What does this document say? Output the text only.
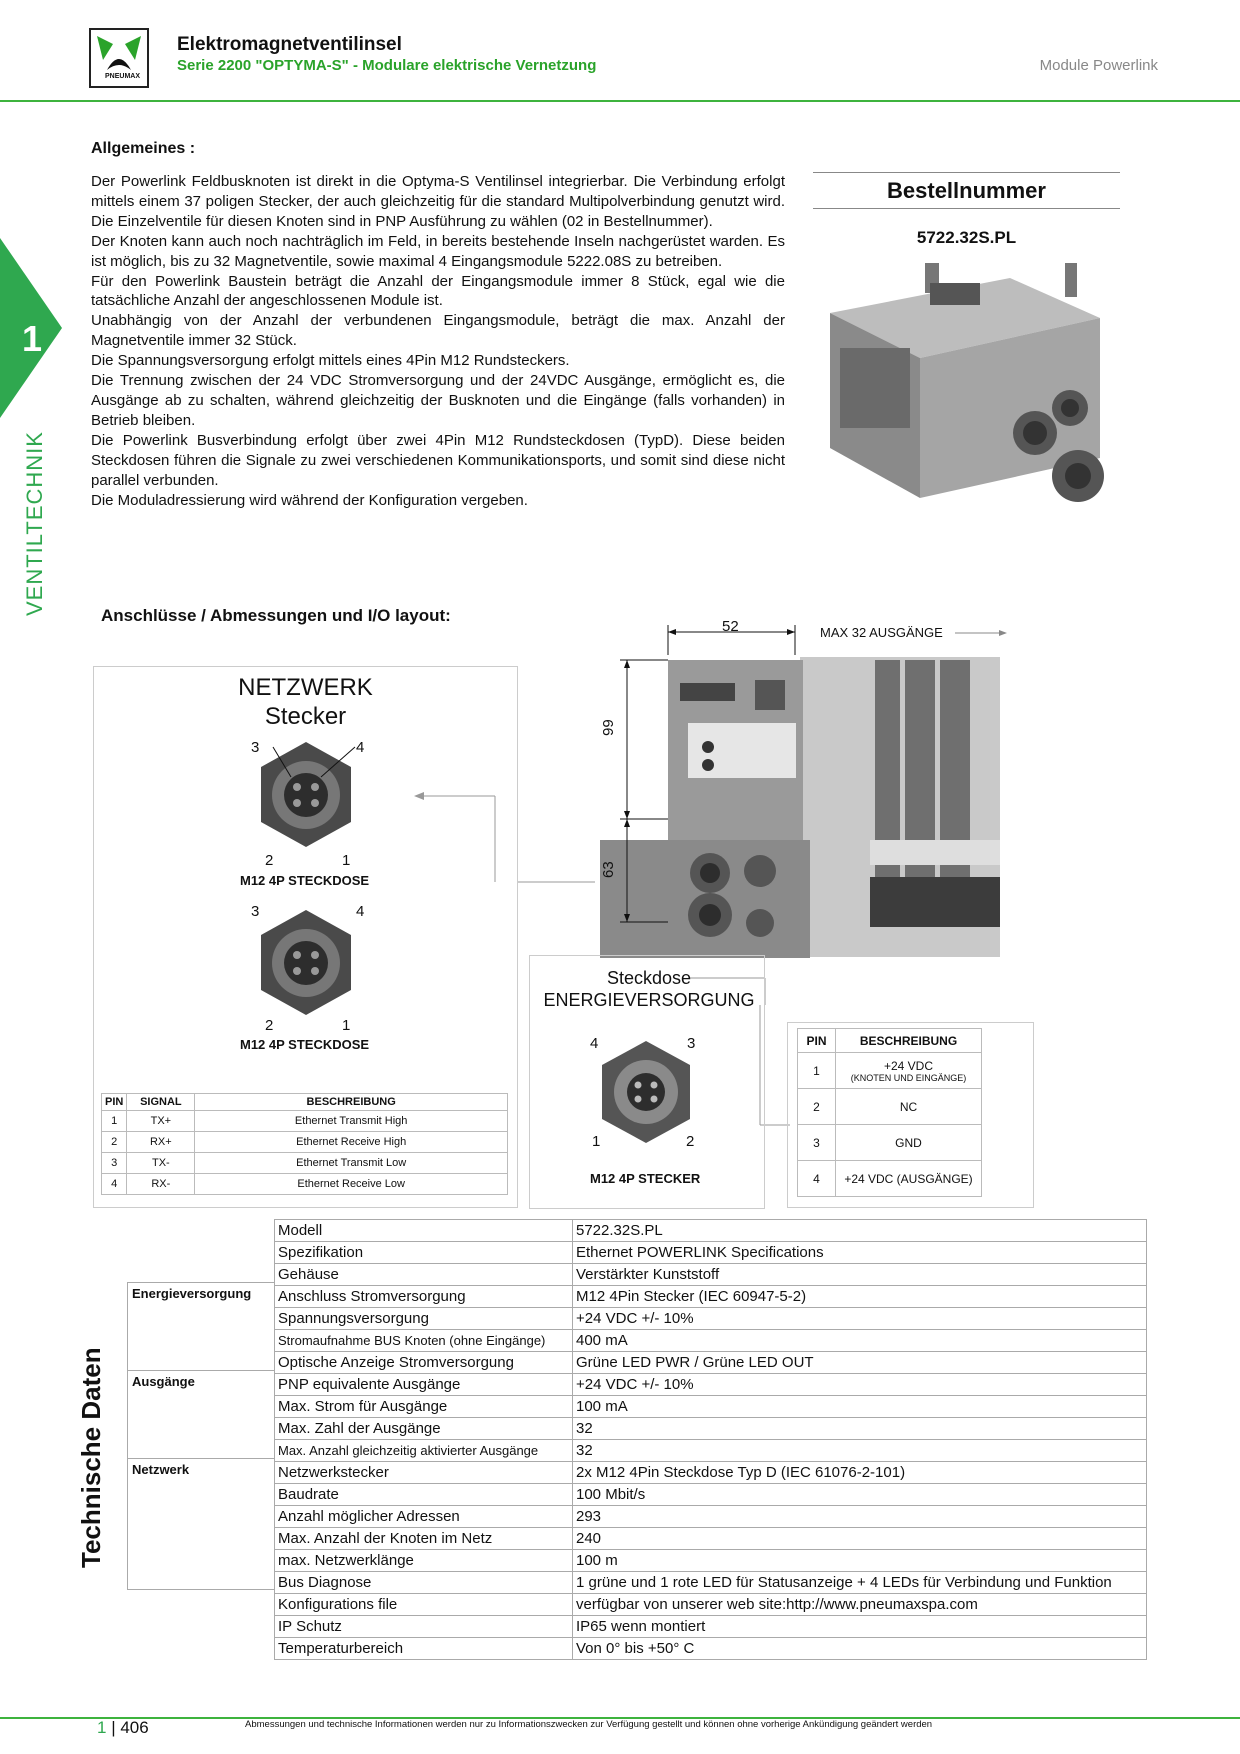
PNEUMAX
Elektromagnetventilinsel
Serie 2200 "OPTYMA-S" - Modulare elektrische Vernetzung	Module Powerlink
1
VENTILTECHNIK
Allgemeines :

Der Powerlink Feldbusknoten ist direkt in die Optyma-S Ventilinsel integrierbar. Die Verbindung erfolgt mittels einem 37 poligen Stecker, der auch gleichzeitig für die standard Multipolverbindung genutzt wird. Die Einzelventile für diesen Knoten sind in PNP Ausführung zu wählen (02 in Bestellnummer).

Der Knoten kann auch noch nachträglich im Feld, in bereits bestehende Inseln nachgerüstet warden. Es ist möglich, bis zu 32 Magnetventile, sowie maximal 4 Eingangsmodule 5222.08S zu betreiben.

Für den Powerlink Baustein beträgt die Anzahl der Eingangsmodule immer 8 Stück, egal wie die tatsächliche Anzahl der angeschlossenen Module ist.

Unabhängig von der Anzahl der verbundenen Eingangsmodule, beträgt die max. Anzahl der Magnetventile immer 32 Stück.

Die Spannungsversorgung erfolgt mittels eines 4Pin M12 Rundsteckers.

Die Trennung zwischen der 24 VDC Stromversorgung und der 24VDC Ausgänge, ermöglicht es, die Ausgänge ab zu schalten, während gleichzeitig der Busknoten und die Eingänge (falls vorhanden) in Betrieb bleiben.

Die Powerlink Busverbindung erfolgt über zwei 4Pin M12 Rundsteckdosen (TypD). Diese beiden Steckdosen führen die Signale zu zwei verschiedenen Kommunikationsports, und somit sind diese nicht parallel verbunden.

Die Moduladressierung wird während der Konfiguration vergeben.

Bestellnummer
5722.32S.PL
Anschlüsse / Abmessungen und I/O layout:
NETZWERK
Stecker
3	4
2	1
M12 4P STECKDOSE
3	4
2	1
M12 4P STECKDOSE
PIN	SIGNAL	BESCHREIBUNG
1	TX+	Ethernet Transmit High
2	RX+	Ethernet Receive High
3	TX-	Ethernet Transmit Low
4	RX-	Ethernet Receive Low
52	MAX 32 AUSGÄNGE
99
63
Steckdose
ENERGIEVERSORGUNG
4	3
1	2
M12 4P STECKER
PIN	BESCHREIBUNG
1	+24 VDC
(KNOTEN UND EINGÄNGE)

2	NC
3	GND
4	+24 VDC (AUSGÄNGE)
Technische Daten
Energieversorgung
Ausgänge
Netzwerk
Modell	5722.32S.PL
Spezifikation	Ethernet POWERLINK Specifications
Gehäuse	Verstärkter Kunststoff
Anschluss Stromversorgung	M12 4Pin Stecker (IEC 60947-5-2)
Spannungsversorgung	+24 VDC +/- 10%
Stromaufnahme BUS Knoten (ohne Eingänge)	400 mA
Optische Anzeige Stromversorgung	Grüne LED PWR / Grüne LED OUT
PNP equivalente Ausgänge	+24 VDC +/- 10%
Max. Strom für Ausgänge	100 mA
Max. Zahl der Ausgänge	32
Max. Anzahl gleichzeitig aktivierter Ausgänge	32
Netzwerkstecker	2x M12 4Pin Steckdose Typ D (IEC 61076-2-101)
Baudrate	100 Mbit/s
Anzahl möglicher Adressen	293
Max. Anzahl der Knoten im Netz	240
max. Netzwerklänge	100 m
Bus Diagnose	1 grüne und 1 rote LED für Statusanzeige + 4 LEDs für Verbindung und Funktion
Konfigurations file	verfügbar von unserer web site:http://www.pneumaxspa.com
IP Schutz	IP65 wenn montiert
Temperaturbereich	Von 0° bis +50° C
1 | 406	Abmessungen und technische Informationen werden nur zu Informationszwecken zur Verfügung gestellt und können ohne vorherige Ankündigung geändert werden
